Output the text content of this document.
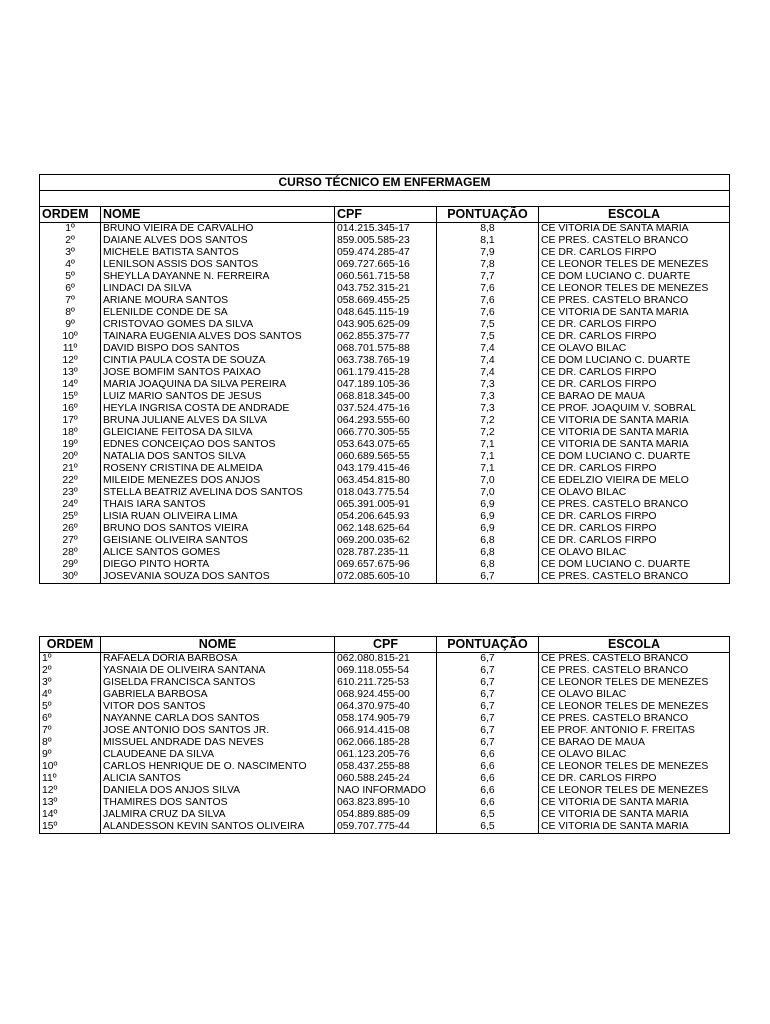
CURSO TÉCNICO EM ENFERMAGEM				

ORDEM	NOME	CPF	PONTUAÇÃO	ESCOLA
1º	BRUNO VIEIRA DE CARVALHO	014.215.345-17	8,8	CE VITÓRIA DE SANTA MARIA
2º	DAIANE ALVES DOS SANTOS	859.005.585-23	8,1	CE PRES. CASTELO BRANCO
3º	MICHELE BATISTA SANTOS	059.474.285-47	7,9	CE DR. CARLOS FIRPO
4º	LENILSON ASSIS DOS SANTOS	069.727.665-16	7,8	CE LEONOR TELES DE MENEZES
5º	SHEYLLA DAYANNE N. FERREIRA	060.561.715-58	7,7	CE DOM LUCIANO C. DUARTE
6º	LINDACI DA SILVA	043.752.315-21	7,6	CE LEONOR TELES DE MENEZES
7º	ARIANE MOURA SANTOS	058.669.455-25	7,6	CE PRES. CASTELO BRANCO
8º	ELENILDE CONDE DE SÁ	048.645.115-19	7,6	CE VITÓRIA DE SANTA MARIA
9º	CRISTOVÃO GOMES DA SILVA	043.905.625-09	7,5	CE DR. CARLOS FIRPO
10º	TAINARA EUGÊNIA ALVES DOS SANTOS	062.855.375-77	7,5	CE DR. CARLOS FIRPO
11º	DAVID BISPO DOS SANTOS	068.701.575-88	7,4	CE OLAVO BILAC
12º	CINTIA PAULA COSTA DE SOUZA	063.738.765-19	7,4	CE DOM LUCIANO C. DUARTE
13º	JOSÉ BOMFIM SANTOS PAIXÃO	061.179.415-28	7,4	CE DR. CARLOS FIRPO
14º	MARIA JOAQUINA DA SILVA PEREIRA	047.189.105-36	7,3	CE DR. CARLOS FIRPO
15º	LUIZ MÁRIO SANTOS DE JESUS	068.818.345-00	7,3	CE BARÃO DE MAUÁ
16º	HEYLA INGRISA COSTA DE ANDRADE	037.524.475-16	7,3	CE PROF. JOAQUIM V. SOBRAL
17º	BRUNA JULIANE ALVES DA SILVA	064.293.555-60	7,2	CE VITÓRIA DE SANTA MARIA
18º	GLEICIANE FEITOSA DA SILVA	066.770.305-55	7,2	CE VITÓRIA DE SANTA MARIA
19º	EDNES CONCEIÇÃO DOS SANTOS	053.643.075-65	7,1	CE VITÓRIA DE SANTA MARIA
20º	NATALIA DOS SANTOS SILVA	060.689.565-55	7,1	CE DOM LUCIANO C. DUARTE
21º	ROSENY CRISTINA DE ALMEIDA	043.179.415-46	7,1	CE DR. CARLOS FIRPO
22º	MILEIDE MENEZES DOS ANJOS	063.454.815-80	7,0	CE EDELZIO VIEIRA DE MELO
23º	STELLA BEATRIZ AVELINA DOS SANTOS	018.043.775.54	7,0	CE OLAVO BILAC
24º	THAIS IARA SANTOS	065.391.005-91	6,9	CE PRES. CASTELO BRANCO
25º	LISIA RUAN OLIVEIRA LIMA	054.206.645.93	6,9	CE DR. CARLOS FIRPO
26º	BRUNO DOS SANTOS VIEIRA	062.148.625-64	6,9	CE DR. CARLOS FIRPO
27º	GEISIANE OLIVEIRA SANTOS	069.200.035-62	6,8	CE DR. CARLOS FIRPO
28º	ALICE SANTOS GOMES	028.787.235-11	6,8	CE OLAVO BILAC
29º	DIEGO PINTO HORTA	069.657.675-96	6,8	CE DOM LUCIANO C. DUARTE
30º	JOSEVÂNIA SOUZA DOS SANTOS	072.085.605-10	6,7	CE PRES. CASTELO BRANCO
ORDEM	NOME	CPF	PONTUAÇÃO	ESCOLA
1º	RAFAELA DÓRIA BARBOSA	062.080.815-21	6,7	CE PRES. CASTELO BRANCO
2º	YASNAIA DE OLIVEIRA SANTANA	069.118.055-54	6,7	CE PRES. CASTELO BRANCO
3º	GISELDA FRANCISCA SANTOS	610.211.725-53	6,7	CE LEONOR TELES DE MENEZES
4º	GABRIELA BARBOSA	068.924.455-00	6,7	CE OLAVO BILAC
5º	VITOR DOS SANTOS	064.370.975-40	6,7	CE LEONOR TELES DE MENEZES
6º	NAYANNE CARLA DOS SANTOS	058.174.905-79	6,7	CE PRES. CASTELO BRANCO
7º	JOSÉ ANTÔNIO DOS SANTOS JR.	066.914.415-08	6,7	EE PROF. ANTÔNIO F. FREITAS
8º	MISSUEL ANDRADE DAS NEVES	062.066.185-28	6,7	CE BARÃO DE MAUÁ
9º	CLAUDEANE DA SILVA	061.123.205-76	6,6	CE OLAVO BILAC
10º	CARLOS HENRIQUE DE O. NASCIMENTO	058.437.255-88	6,6	CE LEONOR TELES DE MENEZES
11º	ALICIA SANTOS	060.588.245-24	6,6	CE DR. CARLOS FIRPO
12º	DANIELA DOS ANJOS SILVA	NÃO INFORMADO	6,6	CE LEONOR TELES DE MENEZES
13º	THAMIRES DOS SANTOS	063.823.895-10	6,6	CE VITÓRIA DE SANTA MARIA
14º	JALMIRA CRUZ DA SILVA	054.889.885-09	6,5	CE VITÓRIA DE SANTA MARIA
15º	ALANDESSON KEVIN SANTOS OLIVEIRA	059.707.775-44	6,5	CE VITÓRIA DE SANTA MARIA
